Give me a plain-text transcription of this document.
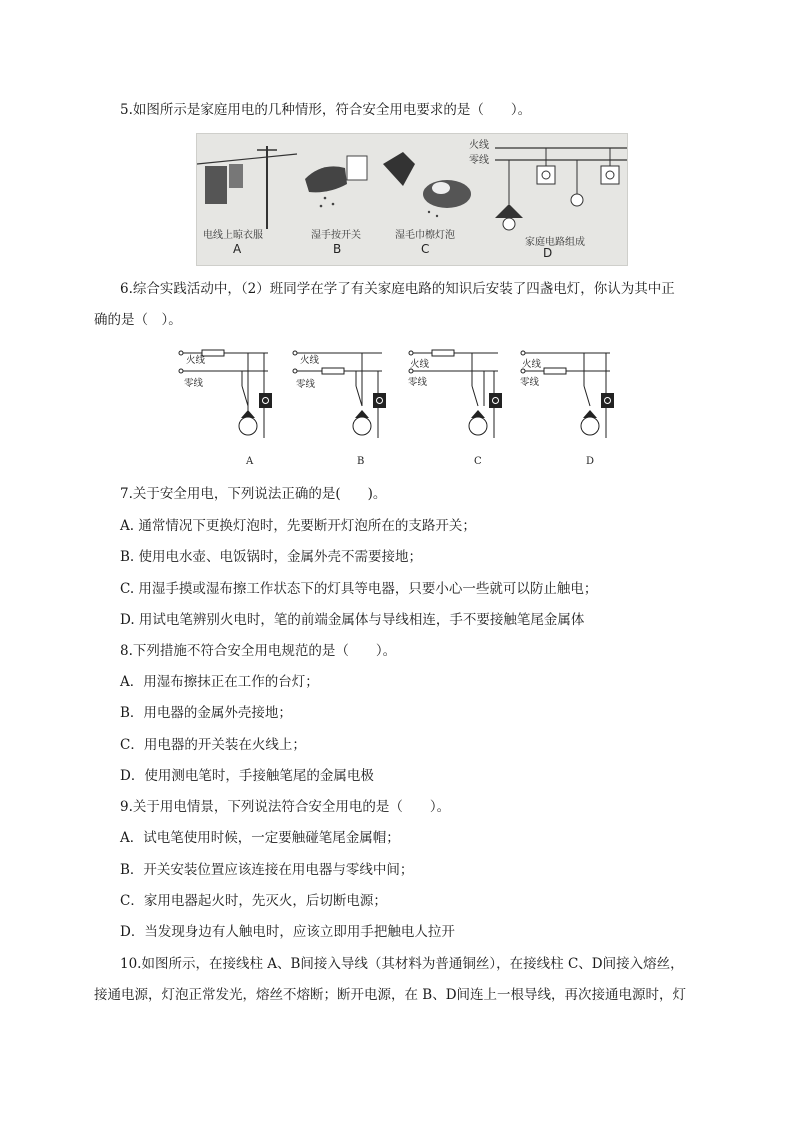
5.如图所示是家庭用电的几种情形，符合安全用电要求的是（　　）。
火线
零线
电线上晾衣服	湿手按开关	湿毛巾檫灯泡
家庭电路组成
A	B	C	D
6.综合实践活动中，（2）班同学在学了有关家庭电路的知识后安装了四盏电灯，你认为其中正
确的是（　）。
火线
零线
火线
零线
火线
零线
火线
零线
A	B	C	D
7.关于安全用电，下列说法正确的是(　　)。
A. 通常情况下更换灯泡时，先要断开灯泡所在的支路开关；
B. 使用电水壶、电饭锅时，金属外壳不需要接地；
C. 用湿手摸或湿布擦工作状态下的灯具等电器，只要小心一些就可以防止触电；
D. 用试电笔辨别火电时，笔的前端金属体与导线相连，手不要接触笔尾金属体
8.下列措施不符合安全用电规范的是（　　）。
A．用湿布擦抹正在工作的台灯；
B．用电器的金属外壳接地；
C．用电器的开关装在火线上；
D．使用测电笔时，手接触笔尾的金属电极
9.关于用电情景，下列说法符合安全用电的是（　　）。
A．试电笔使用时候，一定要触碰笔尾金属帽；
B．开关安装位置应该连接在用电器与零线中间；
C．家用电器起火时，先灭火，后切断电源；
D．当发现身边有人触电时，应该立即用手把触电人拉开
10.如图所示，在接线柱 A、B间接入导线（其材料为普通铜丝），在接线柱 C、D间接入熔丝，
接通电源，灯泡正常发光，熔丝不熔断；断开电源，在 B、D间连上一根导线，再次接通电源时，灯
